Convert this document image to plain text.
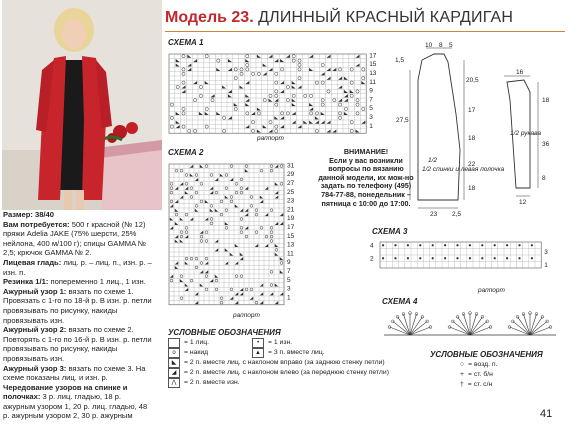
Модель 23. ДЛИННЫЙ КРАСНЫЙ КАРДИГАН
СХЕМА 1
17
15
13
11
9
7
5
3
1
раппорт
СХЕМА 2
31
29
27
25
23
21
19
17
15
13
11
9
7
5
3
1
раппорт
ВНИМАНИЕ!
Если у вас возникли вопросы по вязанию данной модели, их мож-но задать по телефону (495) 784-77-88, понедельник – пятница с 10:00 до 17:00.
10 8 5
1,5
27,5
20,5
17
18
22
18
23 2,5
1/2
1/2 спинки и левая полочка
16
18
36
8
12
1/2 рукава
СХЕМА 3
4
2
3
1
раппорт
СХЕМА 4

Размер: 38/40

Вам потребуется: 500 г красной (№ 12) пряжи Adelia JAKE (75% шерсти, 25% нейлона, 400 м/100 г); спицы GAMMA № 2,5; крючок GAMMA № 2.

Лицевая гладь: лиц. р. – лиц. п., изн. р. – изн. п.

Резинка 1/1: попеременно 1 лиц., 1 изн.

Ажурный узор 1: вязать по схеме 1. Провязать с 1-го по 18-й р. В изн. р. петли провязывать по рисунку, накиды провязывать изн.

Ажурный узор 2: вязать по схеме 2. Повторять с 1-го по 16-й р. В изн. р. петли провязывать по рисунку, накиды провязывать изн.

Ажурный узор 3: вязать по схеме 3. На схеме показаны лиц. и изн. р.

Чередование узоров на спинке и полочках: 3 р. лиц. гладью, 18 р. ажурным узором 1, 20 р. лиц. гладью, 48 р. ажурным узором 2, 30 р. ажурным

УСЛОВНЫЕ ОБОЗНАЧЕНИЯ
= 1 лиц.	•	= 1 изн.
o	= накид	▲	= 3 п. вместе лиц.
◣	= 2 п. вместе лиц. с наклоном вправо (за заднюю стенку петли)
◢	= 2 п. вместе лиц. с наклоном влево (за переднюю стенку петли)
⋀	= 2 п. вместе изн.
УСЛОВНЫЕ ОБОЗНАЧЕНИЯ
○ = возд. п.
+ = ст. б/н
† = ст. с/н
41
